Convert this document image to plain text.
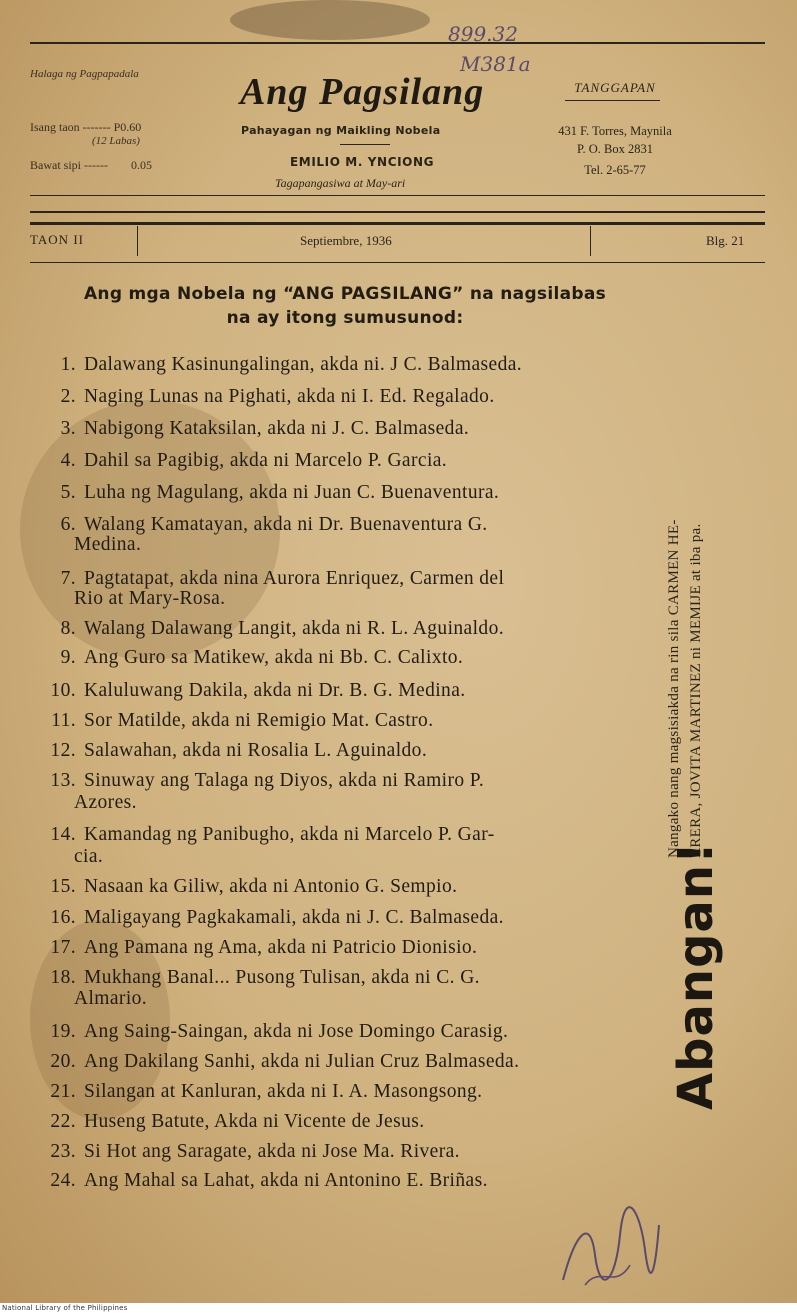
Halaga ng Pagpapadala
Isang taon ------- P0.60
(12 Labas)
Bawat sipi ------ 0.05
Ang Pagsilang
Pahayagan ng Maikling Nobela
EMILIO M. YNCIONG
Tagapangasiwa at May-ari
899.32
M381a
TANGGAPAN
431 F. Torres, Maynila
P. O. Box 2831
Tel. 2-65-77
TAON II	Septiembre, 1936	Blg. 21
Ang mga Nobela ng “ANG PAGSILANG” na nagsilabas
na ay itong sumusunod:
1. Dalawang Kasinungalingan, akda ni. J C. Balmaseda.
2. Naging Lunas na Pighati, akda ni I. Ed. Regalado.
3. Nabigong Kataksilan, akda ni J. C. Balmaseda.
4. Dahil sa Pagibig, akda ni Marcelo P. Garcia.
5. Luha ng Magulang, akda ni Juan C. Buenaventura.
6. Walang Kamatayan, akda ni Dr. Buenaventura G.
Medina.
7. Pagtatapat, akda nina Aurora Enriquez, Carmen del
Rio at Mary-Rosa.
8. Walang Dalawang Langit, akda ni R. L. Aguinaldo.
9. Ang Guro sa Matikew, akda ni Bb. C. Calixto.
10. Kaluluwang Dakila, akda ni Dr. B. G. Medina.
11. Sor Matilde, akda ni Remigio Mat. Castro.
12. Salawahan, akda ni Rosalia L. Aguinaldo.
13. Sinuway ang Talaga ng Diyos, akda ni Ramiro P.
Azores.
14. Kamandag ng Panibugho, akda ni Marcelo P. Gar-
cia.
15. Nasaan ka Giliw, akda ni Antonio G. Sempio.
16. Maligayang Pagkakamali, akda ni J. C. Balmaseda.
17. Ang Pamana ng Ama, akda ni Patricio Dionisio.
18. Mukhang Banal... Pusong Tulisan, akda ni C. G.
Almario.
19. Ang Saing-Saingan, akda ni Jose Domingo Carasig.
20. Ang Dakilang Sanhi, akda ni Julian Cruz Balmaseda.
21. Silangan at Kanluran, akda ni I. A. Masongsong.
22. Huseng Batute, Akda ni Vicente de Jesus.
23. Si Hot ang Saragate, akda ni Jose Ma. Rivera.
24. Ang Mahal sa Lahat, akda ni Antonino E. Briñas.
Nangako nang magsisiakda na rin sila CARMEN HE- RRERA, JOVITA MARTINEZ ni MEMIJE at iba pa.
Abangan!
National Library of the Philippines
